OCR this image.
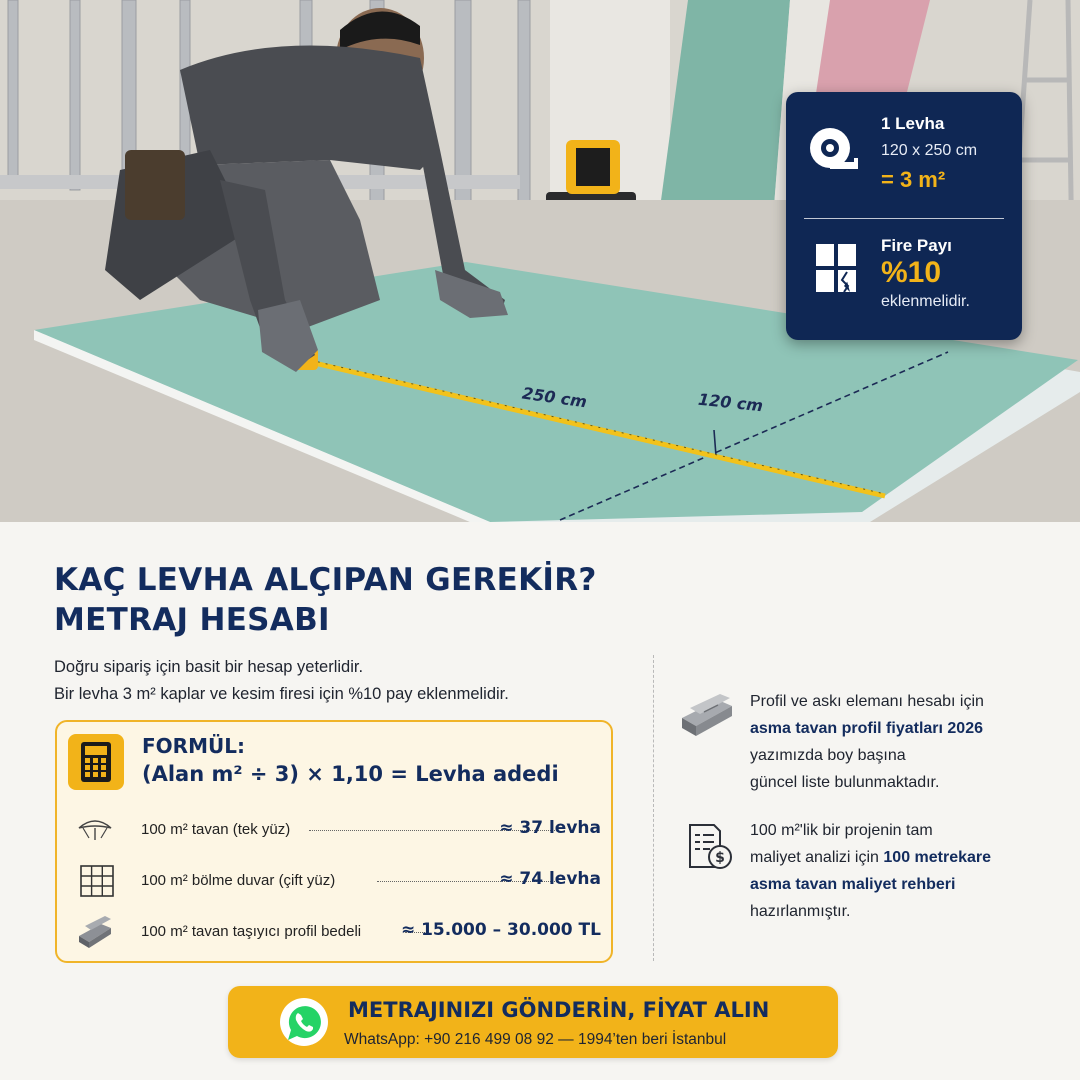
250 cm	120 cm
1 Levha
120 x 250 cm
= 3 m²
Fire Payı
%10
eklenmelidir.
KAÇ LEVHA ALÇIPAN GEREKİR?
METRAJ HESABI
Doğru sipariş için basit bir hesap yeterlidir.
Bir levha 3 m² kaplar ve kesim firesi için %10 pay eklenmelidir.
FORMÜL:
(Alan m² ÷ 3) × 1,10 = Levha adedi
100 m² tavan (tek yüz)	≈ 37 levha
100 m² bölme duvar (çift yüz)	≈ 74 levha
100 m² tavan taşıyıcı profil bedeli ≈ 15.000 – 30.000 TL
Profil ve askı elemanı hesabı için
asma tavan profil fiyatları 2026
yazımızda boy başına
güncel liste bulunmaktadır.
$
100 m²'lik bir projenin tam
maliyet analizi için 100 metrekare
asma tavan maliyet rehberi
hazırlanmıştır.
METRAJINIZI GÖNDERİN, FİYAT ALIN
WhatsApp: +90 216 499 08 92 — 1994’ten beri İstanbul
